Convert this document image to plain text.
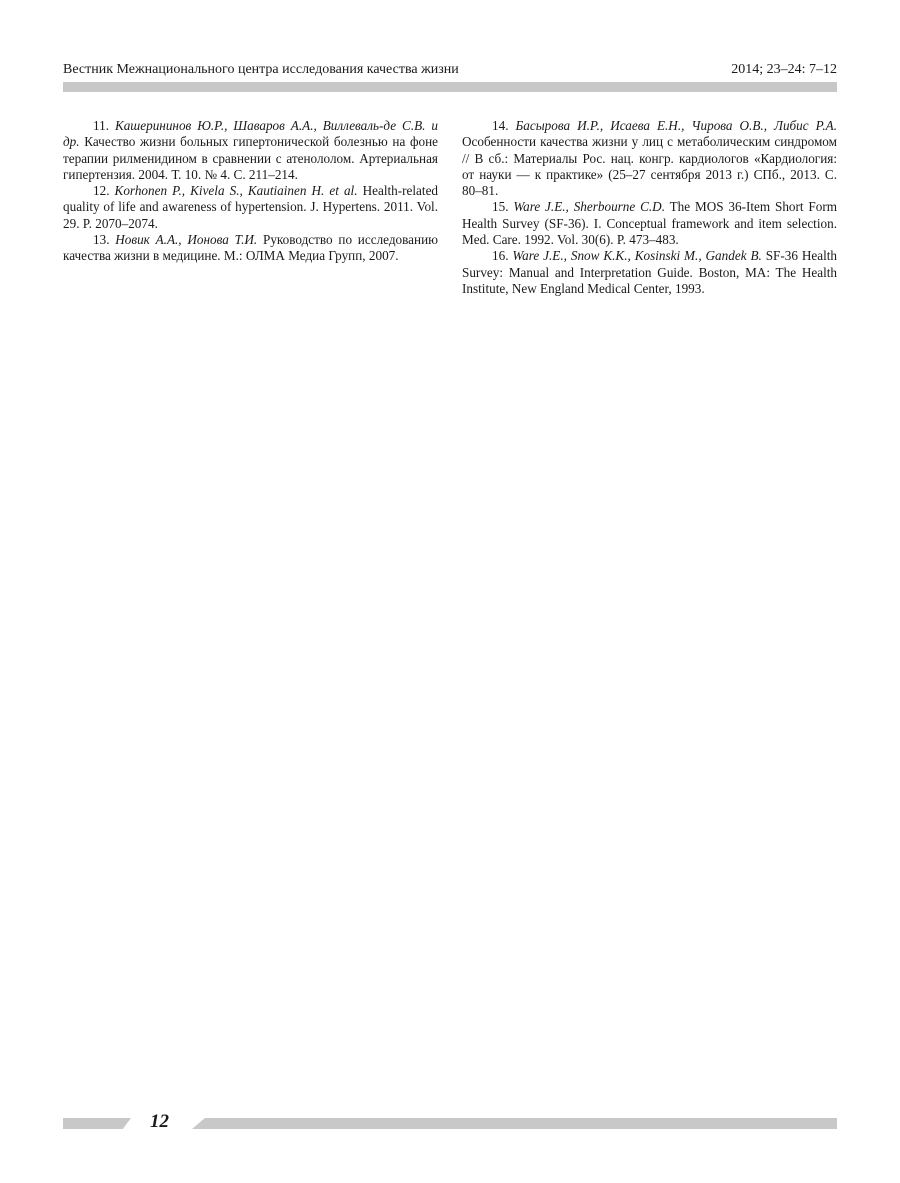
Вестник Межнационального центра исследования качества жизни	2014; 23–24: 7–12

11. Кашерининов Ю.Р., Шаваров А.А., Виллеваль-де С.В. и др. Качество жизни больных гипертонической болезнью на фоне терапии рилменидином в сравнении с атенололом. Артериальная гипертензия. 2004. Т. 10. № 4. С. 211–214.

12. Korhonen P., Kivela S., Kautiainen H. et al. Health-related quality of life and awareness of hypertension. J. Hypertens. 2011. Vol. 29. P. 2070–2074.

13. Новик А.А., Ионова Т.И. Руководство по исследованию качества жизни в медицине. М.: ОЛМА Медиа Групп, 2007.

14. Басырова И.Р., Исаева Е.Н., Чирова О.В., Либис Р.А. Особенности качества жизни у лиц с метаболическим синдромом // В сб.: Материалы Рос. нац. конгр. кардиологов «Кардиология: от науки — к практике» (25–27 сентября 2013 г.) СПб., 2013. С. 80–81.

15. Ware J.E., Sherbourne C.D. The MOS 36-Item Short Form Health Survey (SF-36). I. Conceptual framework and item selection. Med. Care. 1992. Vol. 30(6). P. 473–483.

16. Ware J.E., Snow K.K., Kosinski M., Gandek B. SF-36 Health Survey: Manual and Interpretation Guide. Boston, MA: The Health Institute, New England Medical Center, 1993.

12
